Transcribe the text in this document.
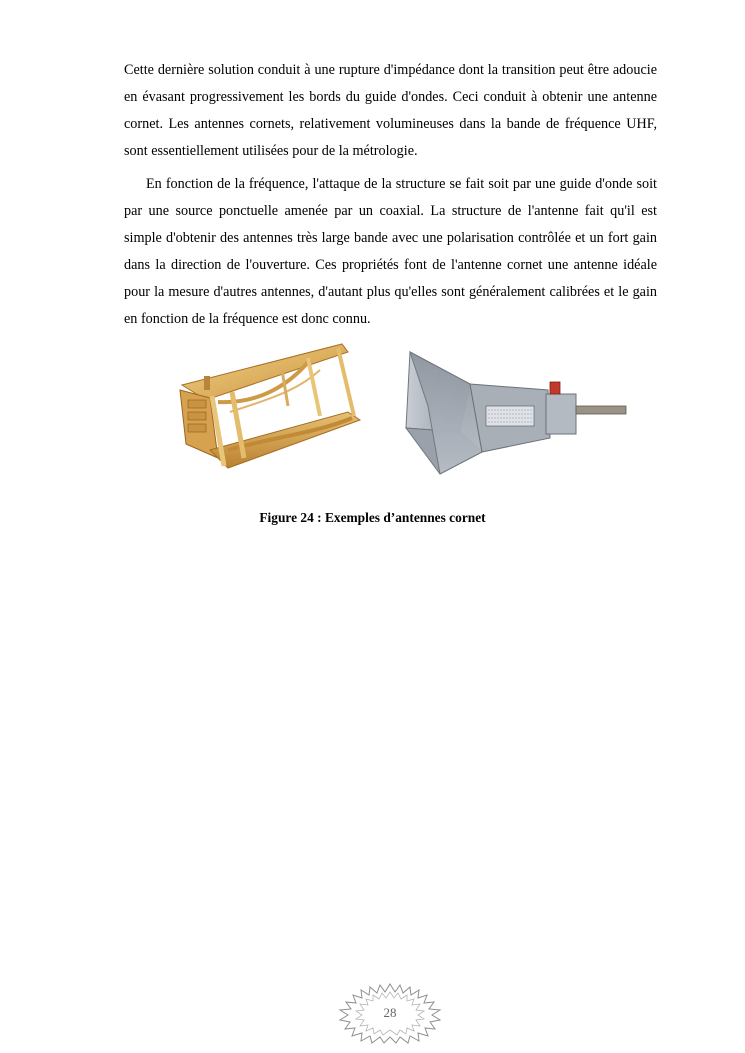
Cette dernière solution conduit à une rupture d'impédance dont la transition peut être adoucie en évasant progressivement les bords du guide d'ondes. Ceci conduit à obtenir une antenne cornet. Les antennes cornets, relativement volumineuses dans la bande de fréquence UHF, sont essentiellement utilisées pour de la métrologie.

En fonction de la fréquence, l'attaque de la structure se fait soit par une guide d'onde soit par une source ponctuelle amenée par un coaxial. La structure de l'antenne fait qu'il est simple d'obtenir des antennes très large bande avec une polarisation contrôlée et un fort gain dans la direction de l'ouverture. Ces propriétés font de l'antenne cornet une antenne idéale pour la mesure d'autres antennes, d'autant plus qu'elles sont généralement calibrées et le gain en fonction de la fréquence est donc connu.

Figure 24 : Exemples d’antennes cornet
28
